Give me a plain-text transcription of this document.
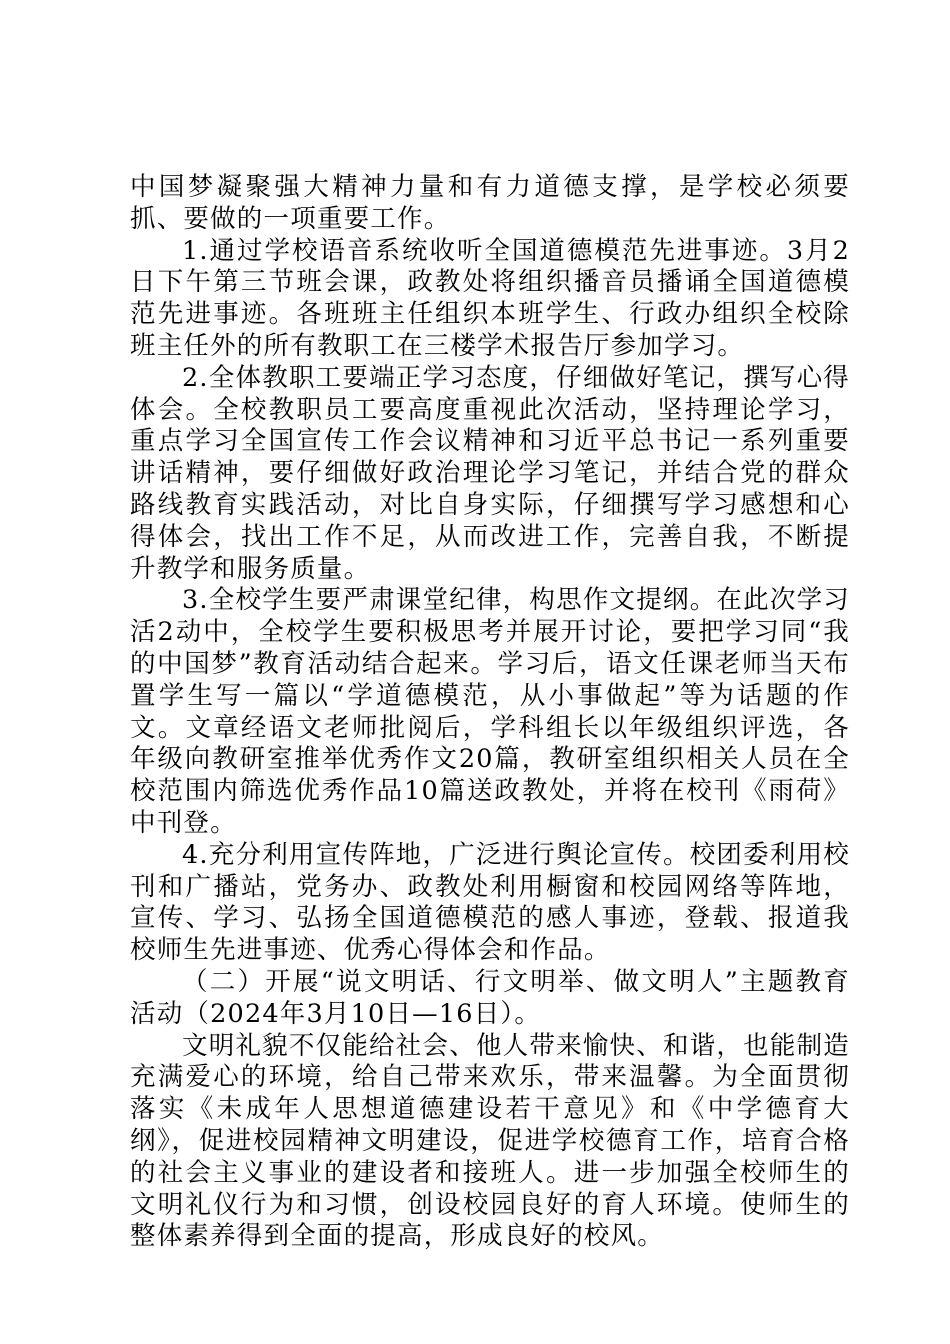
中国梦凝聚强大精神力量和有力道德支撑，是学校必须要抓、要做的一项重要工作。

1.通过学校语音系统收听全国道德模范先进事迹。3月2日下午第三节班会课，政教处将组织播音员播诵全国道德模范先进事迹。各班班主任组织本班学生、行政办组织全校除班主任外的所有教职工在三楼学术报告厅参加学习。

2.全体教职工要端正学习态度，仔细做好笔记，撰写心得体会。全校教职员工要高度重视此次活动，坚持理论学习，重点学习全国宣传工作会议精神和习近平总书记一系列重要讲话精神，要仔细做好政治理论学习笔记，并结合党的群众路线教育实践活动，对比自身实际，仔细撰写学习感想和心得体会，找出工作不足，从而改进工作，完善自我，不断提升教学和服务质量。

3.全校学生要严肃课堂纪律，构思作文提纲。在此次学习活2动中，全校学生要积极思考并展开讨论，要把学习同“我的中国梦”教育活动结合起来。学习后，语文任课老师当天布置学生写一篇以“学道德模范，从小事做起”等为话题的作文。文章经语文老师批阅后，学科组长以年级组织评选，各年级向教研室推举优秀作文20篇，教研室组织相关人员在全校范围内筛选优秀作品10篇送政教处，并将在校刊《雨荷》中刊登。

4.充分利用宣传阵地，广泛进行舆论宣传。校团委利用校刊和广播站，党务办、政教处利用橱窗和校园网络等阵地，宣传、学习、弘扬全国道德模范的感人事迹，登载、报道我校师生先进事迹、优秀心得体会和作品。

（二）开展“说文明话、行文明举、做文明人”主题教育活动（2024年3月10日—16日）。

文明礼貌不仅能给社会、他人带来愉快、和谐，也能制造充满爱心的环境，给自己带来欢乐，带来温馨。为全面贯彻落实《未成年人思想道德建设若干意见》和《中学德育大纲》，促进校园精神文明建设，促进学校德育工作，培育合格的社会主义事业的建设者和接班人。进一步加强全校师生的文明礼仪行为和习惯，创设校园良好的育人环境。使师生的整体素养得到全面的提高，形成良好的校风。
